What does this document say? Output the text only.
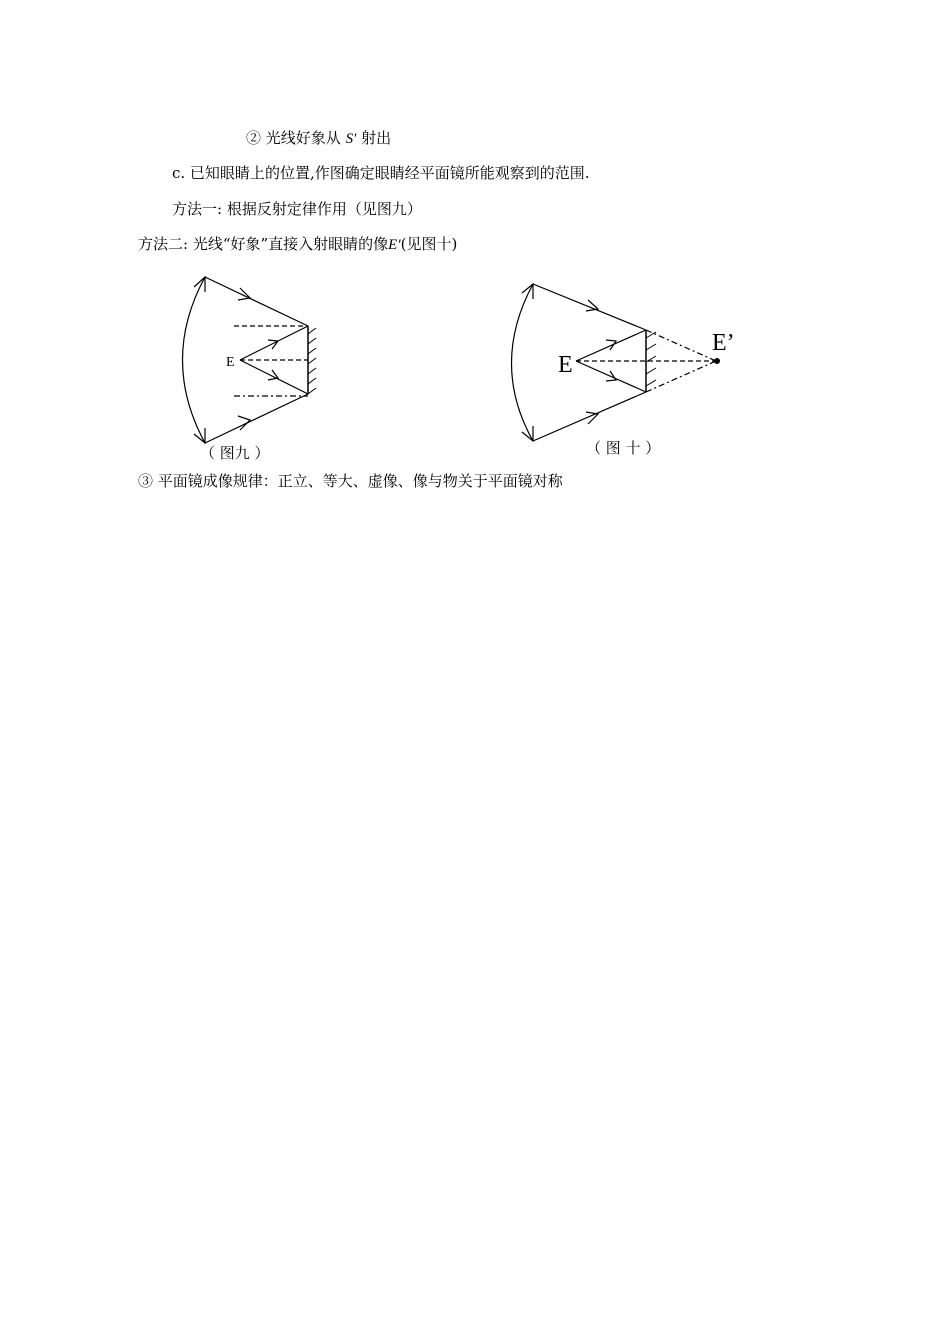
② 光线好象从 S′ 射出
c. 已知眼睛上的位置,作图确定眼睛经平面镜所能观察到的范围.
方法一: 根据反射定律作用（见图九）
方法二: 光线“好象”直接入射眼睛的像E′(见图十)
E
（ 图九 ）
E
E’
（ 图 十 ）
③ 平面镜成像规律：正立、等大、虚像、像与物关于平面镜对称
